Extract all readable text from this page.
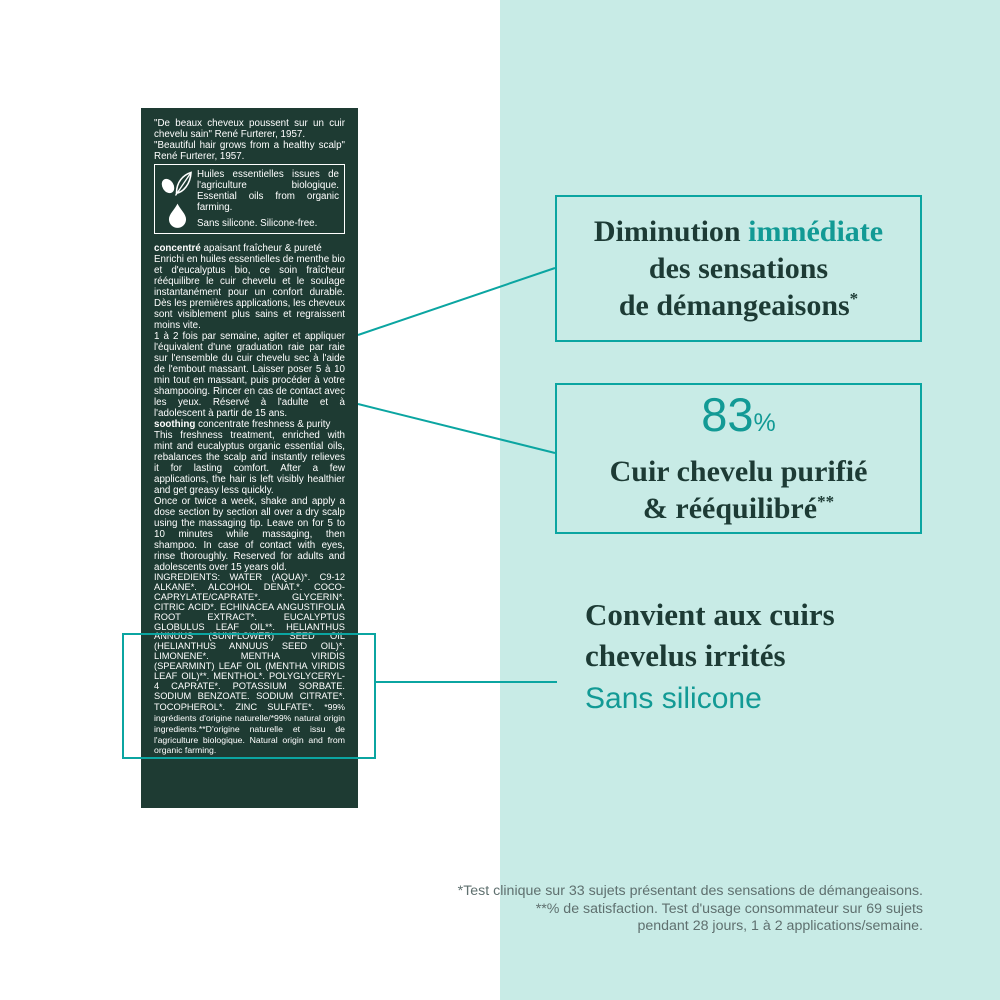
"De beaux cheveux poussent sur un cuir chevelu sain" René Furterer, 1957.

"Beautiful hair grows from a healthy scalp" René Furterer, 1957.

Huiles essentielles issues de l'agriculture biologique. Essential oils from organic farming.

Sans silicone. Silicone-free.

concentré apaisant fraîcheur & pureté
Enrichi en huiles essentielles de menthe bio et d'eucalyptus bio, ce soin fraîcheur rééquilibre le cuir chevelu et le soulage instantanément pour un confort durable. Dès les premières applications, les cheveux sont visiblement plus sains et regraissent moins vite.
1 à 2 fois par semaine, agiter et appliquer l'équivalent d'une graduation raie par raie sur l'ensemble du cuir chevelu sec à l'aide de l'embout massant. Laisser poser 5 à 10 min tout en massant, puis procéder à votre shampooing. Rincer en cas de contact avec les yeux. Réservé à l'adulte et à l'adolescent à partir de 15 ans.

soothing concentrate freshness & purity
This freshness treatment, enriched with mint and eucalyptus organic essential oils, rebalances the scalp and instantly relieves it for lasting comfort. After a few applications, the hair is left visibly healthier and get greasy less quickly.
Once or twice a week, shake and apply a dose section by section all over a dry scalp using the massaging tip. Leave on for 5 to 10 minutes while massaging, then shampoo. In case of contact with eyes, rinse thoroughly. Reserved for adults and adolescents over 15 years old.

INGREDIENTS: WATER (AQUA)*. C9-12 ALKANE*. ALCOHOL DENAT.*. COCO-CAPRYLATE/CAPRATE*. GLYCERIN*. CITRIC ACID*. ECHINACEA ANGUSTIFOLIA ROOT EXTRACT*. EUCALYPTUS GLOBULUS LEAF OIL**. HELIANTHUS ANNUUS (SUNFLOWER) SEED OIL (HELIANTHUS ANNUUS SEED OIL)*. LIMONENE*. MENTHA VIRIDIS (SPEARMINT) LEAF OIL (MENTHA VIRIDIS LEAF OIL)**. MENTHOL*. POLYGLYCERYL-4 CAPRATE*. POTASSIUM SORBATE. SODIUM BENZOATE. SODIUM CITRATE*. TOCOPHEROL*. ZINC SULFATE*. *99% ingrédients d'origine naturelle/*99% natural origin ingredients.**D'origine naturelle et issu de l'agriculture biologique. Natural origin and from organic farming.

Diminution immédiate
des sensations
de démangeaisons*
83%
Cuir chevelu purifié
& rééquilibré**
Convient aux cuirs
chevelus irrités
Sans silicone
*Test clinique sur 33 sujets présentant des sensations de démangeaisons.
**% de satisfaction. Test d'usage consommateur sur 69 sujets
pendant 28 jours, 1 à 2 applications/semaine.
